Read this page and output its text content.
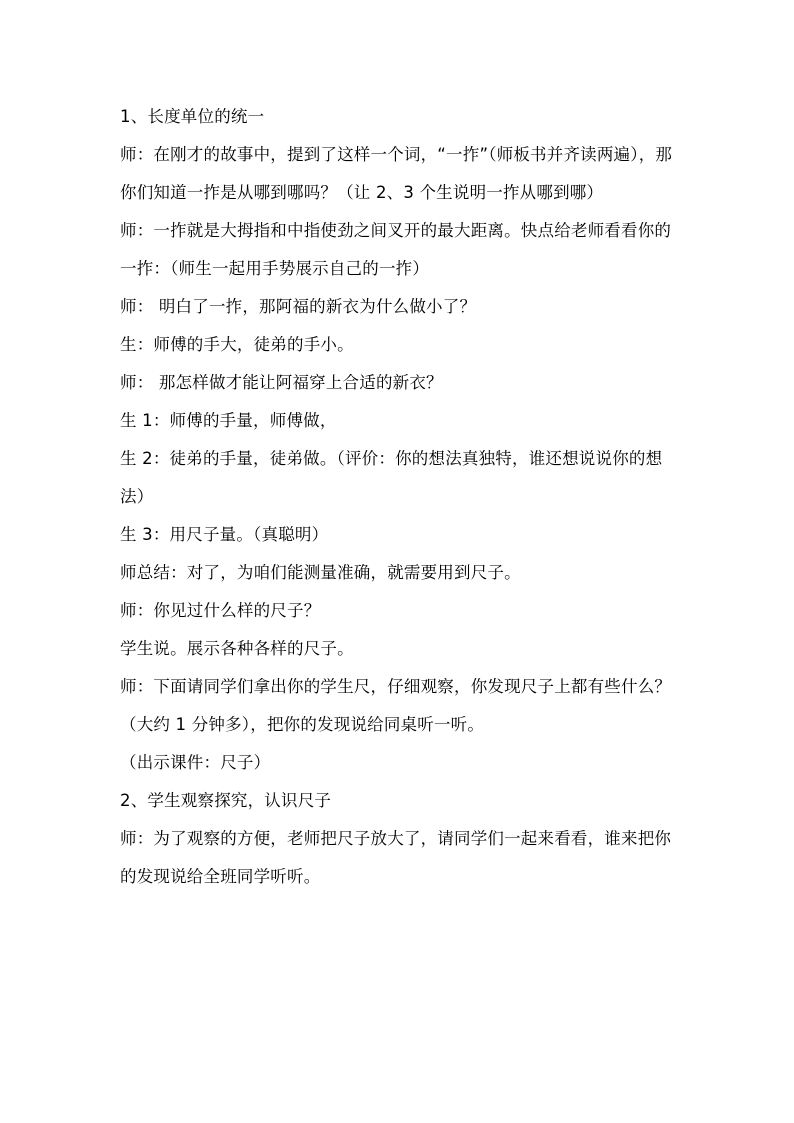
1、长度单位的统一

师：在刚才的故事中，提到了这样一个词，“一拃”（师板书并齐读两遍），那你们知道一拃是从哪到哪吗？（让 2、3 个生说明一拃从哪到哪）

师：一拃就是大拇指和中指使劲之间叉开的最大距离。快点给老师看看你的一拃：（师生一起用手势展示自己的一拃）

师： 明白了一拃，那阿福的新衣为什么做小了？

生：师傅的手大，徒弟的手小。

师： 那怎样做才能让阿福穿上合适的新衣？

生 1：师傅的手量，师傅做，

生 2：徒弟的手量，徒弟做。（评价：你的想法真独特，谁还想说说你的想法）

生 3：用尺子量。（真聪明）

师总结：对了，为咱们能测量准确，就需要用到尺子。

师：你见过什么样的尺子？

学生说。展示各种各样的尺子。

师：下面请同学们拿出你的学生尺，仔细观察，你发现尺子上都有些什么？（大约 1 分钟多），把你的发现说给同桌听一听。

（出示课件：尺子）

2、学生观察探究，认识尺子

师：为了观察的方便，老师把尺子放大了，请同学们一起来看看，谁来把你的发现说给全班同学听听。
